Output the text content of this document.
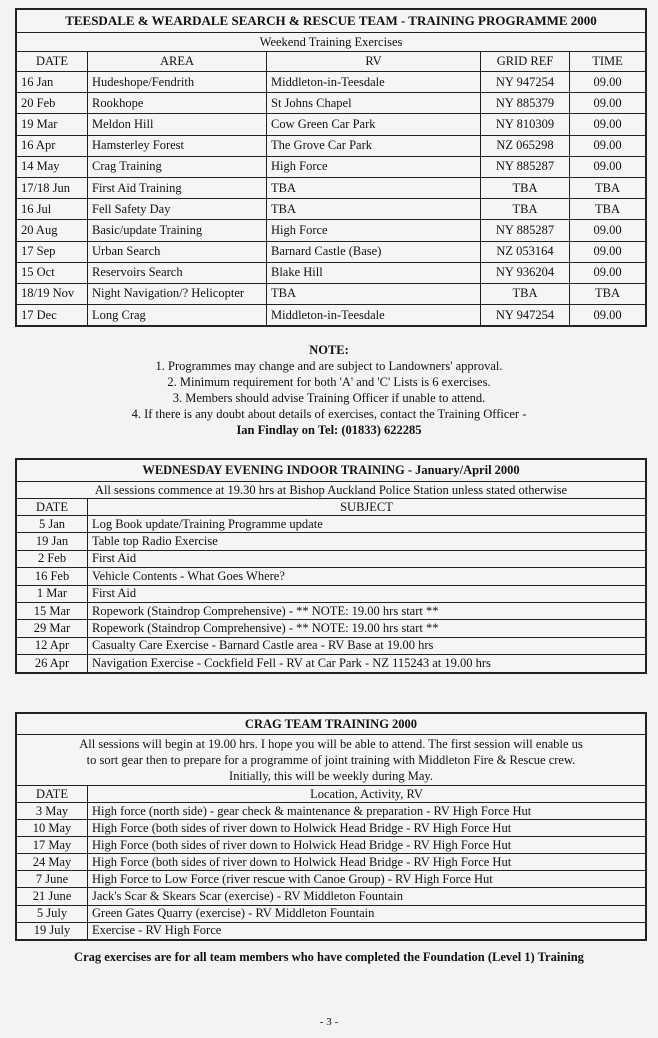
TEESDALE & WEARDALE SEARCH & RESCUE TEAM - TRAINING PROGRAMME 2000				
Weekend Training Exercises				
DATE	AREA	RV	GRID REF	TIME
16 Jan	Hudeshope/Fendrith	Middleton-in-Teesdale	NY 947254	09.00
20 Feb	Rookhope	St Johns Chapel	NY 885379	09.00
19 Mar	Meldon Hill	Cow Green Car Park	NY 810309	09.00
16 Apr	Hamsterley Forest	The Grove Car Park	NZ 065298	09.00
14 May	Crag Training	High Force	NY 885287	09.00
17/18 Jun	First Aid Training	TBA	TBA	TBA
16 Jul	Fell Safety Day	TBA	TBA	TBA
20 Aug	Basic/update Training	High Force	NY 885287	09.00
17 Sep	Urban Search	Barnard Castle (Base)	NZ 053164	09.00
15 Oct	Reservoirs Search	Blake Hill	NY 936204	09.00
18/19 Nov	Night Navigation/? Helicopter	TBA	TBA	TBA
17 Dec	Long Crag	Middleton-in-Teesdale	NY 947254	09.00
NOTE:
1. Programmes may change and are subject to Landowners' approval.
2. Minimum requirement for both 'A' and 'C' Lists is 6 exercises.
3. Members should advise Training Officer if unable to attend.
4. If there is any doubt about details of exercises, contact the Training Officer -
Ian Findlay on Tel: (01833) 622285
WEDNESDAY EVENING INDOOR TRAINING - January/April 2000	
All sessions commence at 19.30 hrs at Bishop Auckland Police Station unless stated otherwise	
DATE	SUBJECT
5 Jan	Log Book update/Training Programme update
19 Jan	Table top Radio Exercise
2 Feb	First Aid
16 Feb	Vehicle Contents - What Goes Where?
1 Mar	First Aid
15 Mar	Ropework (Staindrop Comprehensive) - ** NOTE: 19.00 hrs start **
29 Mar	Ropework (Staindrop Comprehensive) - ** NOTE: 19.00 hrs start **
12 Apr	Casualty Care Exercise - Barnard Castle area - RV Base at 19.00 hrs
26 Apr	Navigation Exercise - Cockfield Fell - RV at Car Park - NZ 115243 at 19.00 hrs
CRAG TEAM TRAINING 2000	

All sessions will begin at 19.00 hrs. I hope you will be able to attend. The first session will enable us
to sort gear then to prepare for a programme of joint training with Middleton Fire & Rescue crew.
Initially, this will be weekly during May.	

DATE	Location, Activity, RV
3 May	High force (north side) - gear check & maintenance & preparation - RV High Force Hut
10 May	High Force (both sides of river down to Holwick Head Bridge - RV High Force Hut
17 May	High Force (both sides of river down to Holwick Head Bridge - RV High Force Hut
24 May	High Force (both sides of river down to Holwick Head Bridge - RV High Force Hut
7 June	High Force to Low Force (river rescue with Canoe Group) - RV High Force Hut
21 June	Jack's Scar & Skears Scar (exercise) - RV Middleton Fountain
5 July	Green Gates Quarry (exercise) - RV Middleton Fountain
19 July	Exercise - RV High Force
Crag exercises are for all team members who have completed the Foundation (Level 1) Training
- 3 -
